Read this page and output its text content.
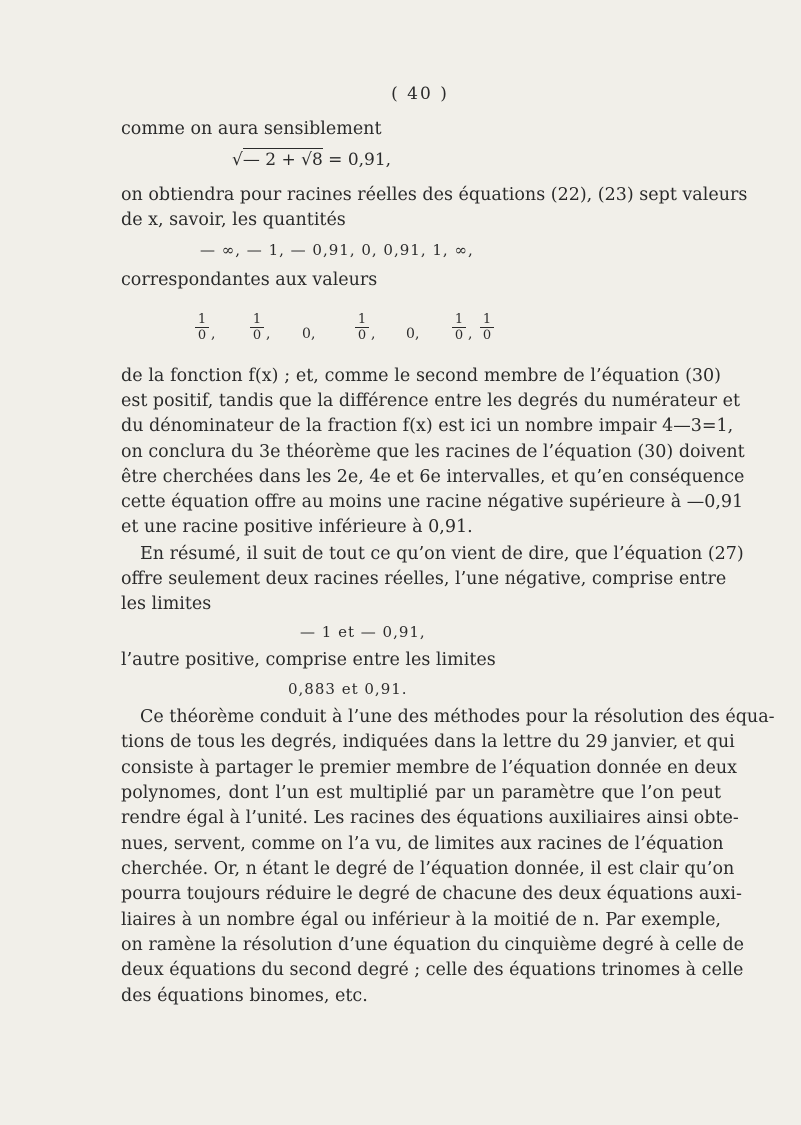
( 40 )
comme on aura sensiblement
√— 2 + √8 = 0,91,
on obtiendra pour racines réelles des équations (22), (23) sept valeurs
de x, savoir, les quantités
— ∞, — 1, — 0,91, 0, 0,91, 1, ∞,
correspondantes aux valeurs
$\frac{1}{0}$ ,	$\frac{1}{0}$ , 0 ,	$\frac{1}{0}$ , 0 ,	$\frac{1}{0}$ , $\frac{1}{0}$
de la fonction f(x) ; et, comme le second membre de l’équation (30)
est positif, tandis que la différence entre les degrés du numérateur et
du dénominateur de la fraction f(x) est ici un nombre impair 4—3=1,
on conclura du 3e théorème que les racines de l’équation (30) doivent
être cherchées dans les 2e, 4e et 6e intervalles, et qu’en conséquence
cette équation offre au moins une racine négative supérieure à —0,91
et une racine positive inférieure à 0,91.
En résumé, il suit de tout ce qu’on vient de dire, que l’équation (27)
offre seulement deux racines réelles, l’une négative, comprise entre
les limites
— 1 et — 0,91,
l’autre positive, comprise entre les limites
0,883 et 0,91.
Ce théorème conduit à l’une des méthodes pour la résolution des équa-
tions de tous les degrés, indiquées dans la lettre du 29 janvier, et qui
consiste à partager le premier membre de l’équation donnée en deux
polynomes, dont l’un est multiplié par un paramètre que l’on peut
rendre égal à l’unité. Les racines des équations auxiliaires ainsi obte-
nues, servent, comme on l’a vu, de limites aux racines de l’équation
cherchée. Or, n étant le degré de l’équation donnée, il est clair qu’on
pourra toujours réduire le degré de chacune des deux équations auxi-
liaires à un nombre égal ou inférieur à la moitié de n. Par exemple,
on ramène la résolution d’une équation du cinquième degré à celle de
deux équations du second degré ; celle des équations trinomes à celle
des équations binomes, etc.
